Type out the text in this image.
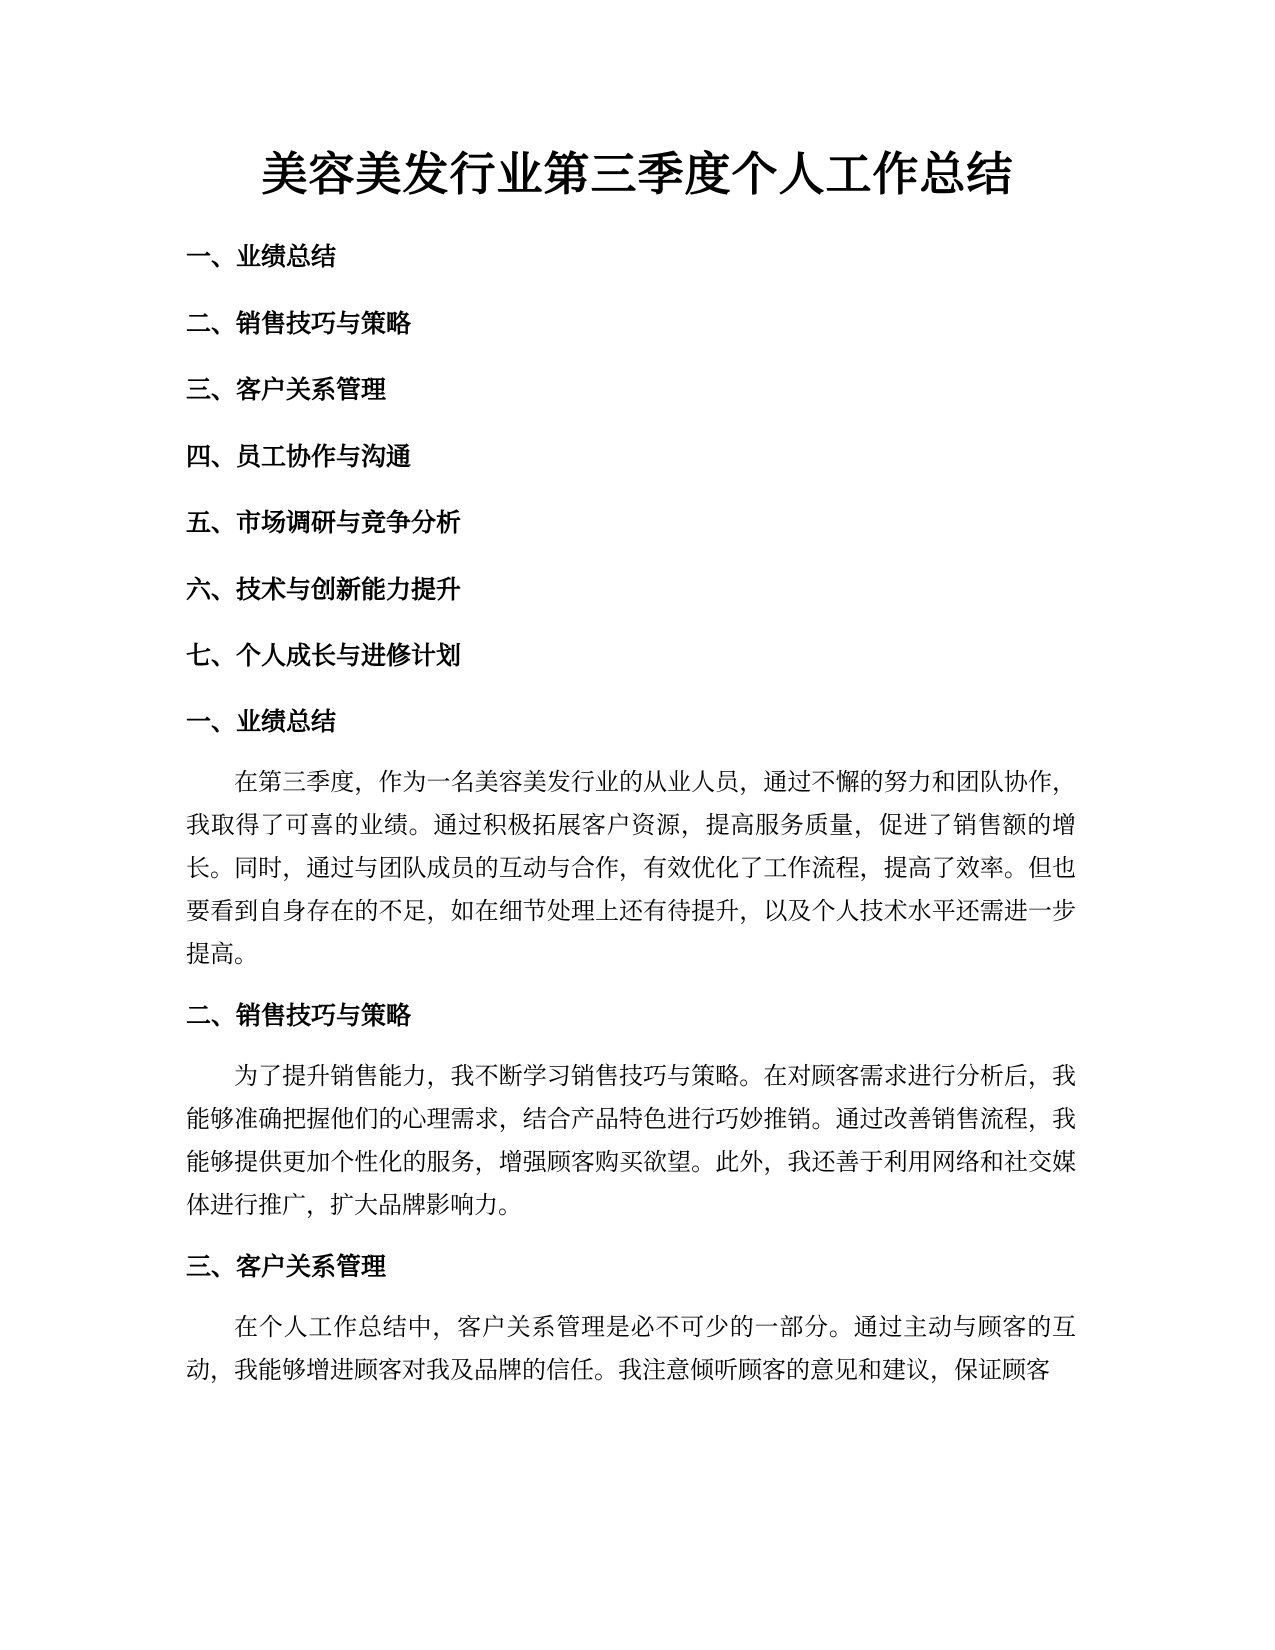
美容美发行业第三季度个人工作总结
一、业绩总结
二、销售技巧与策略
三、客户关系管理
四、员工协作与沟通
五、市场调研与竞争分析
六、技术与创新能力提升
七、个人成长与进修计划
一、业绩总结

在第三季度，作为一名美容美发行业的从业人员，通过不懈的努力和团队协作，我取得了可喜的业绩。通过积极拓展客户资源，提高服务质量，促进了销售额的增长。同时，通过与团队成员的互动与合作，有效优化了工作流程，提高了效率。但也要看到自身存在的不足，如在细节处理上还有待提升，以及个人技术水平还需进一步提高。

二、销售技巧与策略

为了提升销售能力，我不断学习销售技巧与策略。在对顾客需求进行分析后，我能够准确把握他们的心理需求，结合产品特色进行巧妙推销。通过改善销售流程，我能够提供更加个性化的服务，增强顾客购买欲望。此外，我还善于利用网络和社交媒体进行推广，扩大品牌影响力。

三、客户关系管理

在个人工作总结中，客户关系管理是必不可少的一部分。通过主动与顾客的互动，我能够增进顾客对我及品牌的信任。我注意倾听顾客的意见和建议，保证顾客
